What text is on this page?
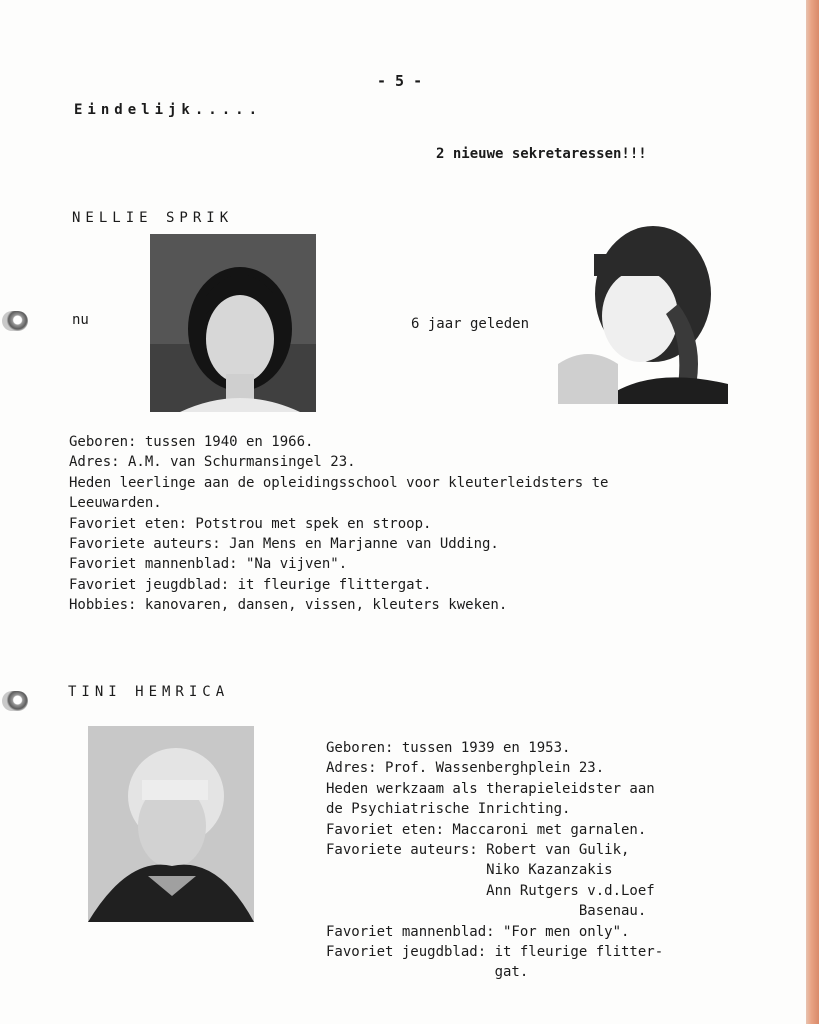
- 5 -
Eindelijk.....
2 nieuwe sekretaressen!!!
NELLIE SPRIK
nu	6 jaar geleden
Geboren: tussen 1940 en 1966.
Adres: A.M. van Schurmansingel 23.
Heden leerlinge aan de opleidingsschool voor kleuterleidsters te
Leeuwarden.
Favoriet eten: Potstrou met spek en stroop.
Favoriete auteurs: Jan Mens en Marjanne van Udding.
Favoriet mannenblad: "Na vijven".
Favoriet jeugdblad: it fleurige flittergat.
Hobbies: kanovaren, dansen, vissen, kleuters kweken.
TINI HEMRICA
Geboren: tussen 1939 en 1953.
Adres: Prof. Wassenberghplein 23.
Heden werkzaam als therapieleidster aan
de Psychiatrische Inrichting.
Favoriet eten: Maccaroni met garnalen.
Favoriete auteurs: Robert van Gulik,
Niko Kazanzakis
Ann Rutgers v.d.Loef
Basenau.
Favoriet mannenblad: "For men only".
Favoriet jeugdblad: it fleurige flitter-
gat.
